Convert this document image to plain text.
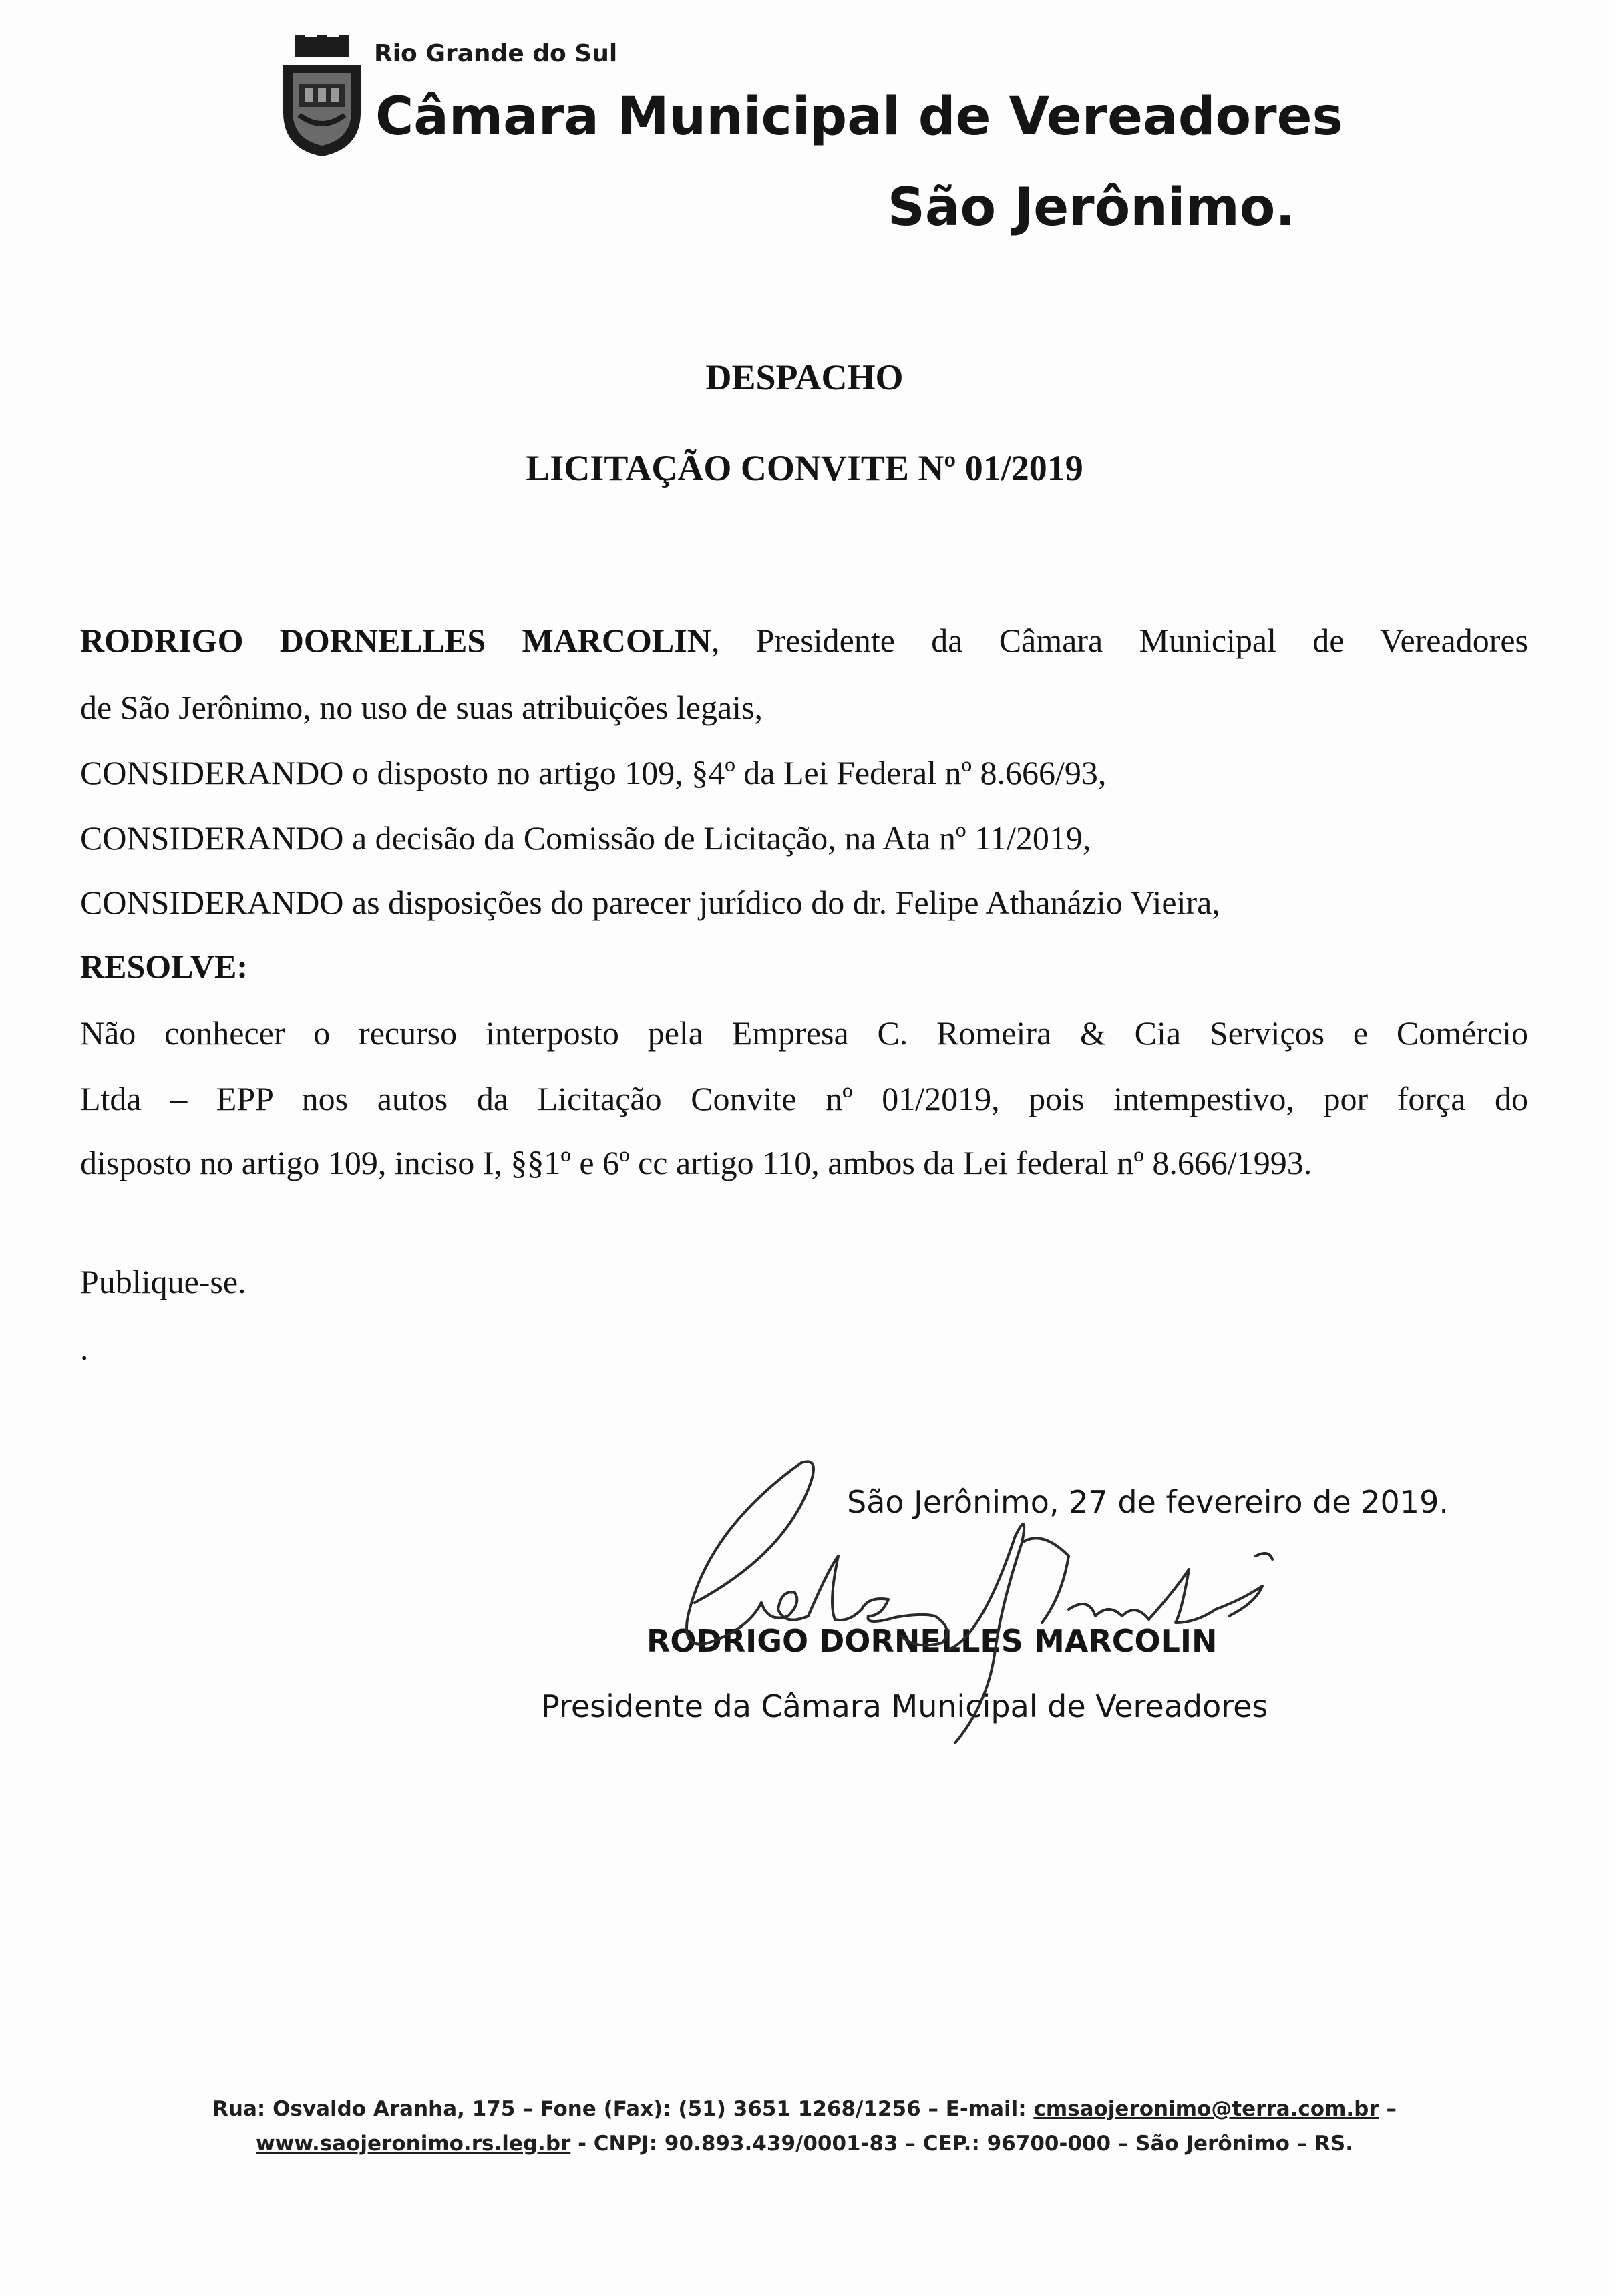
Rio Grande do Sul
Câmara Municipal de Vereadores
São Jerônimo.
DESPACHO
LICITAÇÃO CONVITE Nº 01/2019
RODRIGO DORNELLES MARCOLIN, Presidente da Câmara Municipal de Vereadores
de São Jerônimo, no uso de suas atribuições legais,
CONSIDERANDO o disposto no artigo 109, §4º da Lei Federal nº 8.666/93,
CONSIDERANDO a decisão da Comissão de Licitação, na Ata nº 11/2019,
CONSIDERANDO as disposições do parecer jurídico do dr. Felipe Athanázio Vieira,
RESOLVE:
Não conhecer o recurso interposto pela Empresa C. Romeira & Cia Serviços e Comércio
Ltda – EPP nos autos da Licitação Convite nº 01/2019, pois intempestivo, por força do
disposto no artigo 109, inciso I, §§1º e 6º cc artigo 110, ambos da Lei federal nº 8.666/1993.
Publique-se.
.
São Jerônimo, 27 de fevereiro de 2019.
RODRIGO DORNELLES MARCOLIN
Presidente da Câmara Municipal de Vereadores
Rua: Osvaldo Aranha, 175 – Fone (Fax): (51) 3651 1268/1256 – E-mail: cmsaojeronimo@terra.com.br –
www.saojeronimo.rs.leg.br - CNPJ: 90.893.439/0001-83 – CEP.: 96700-000 – São Jerônimo – RS.
